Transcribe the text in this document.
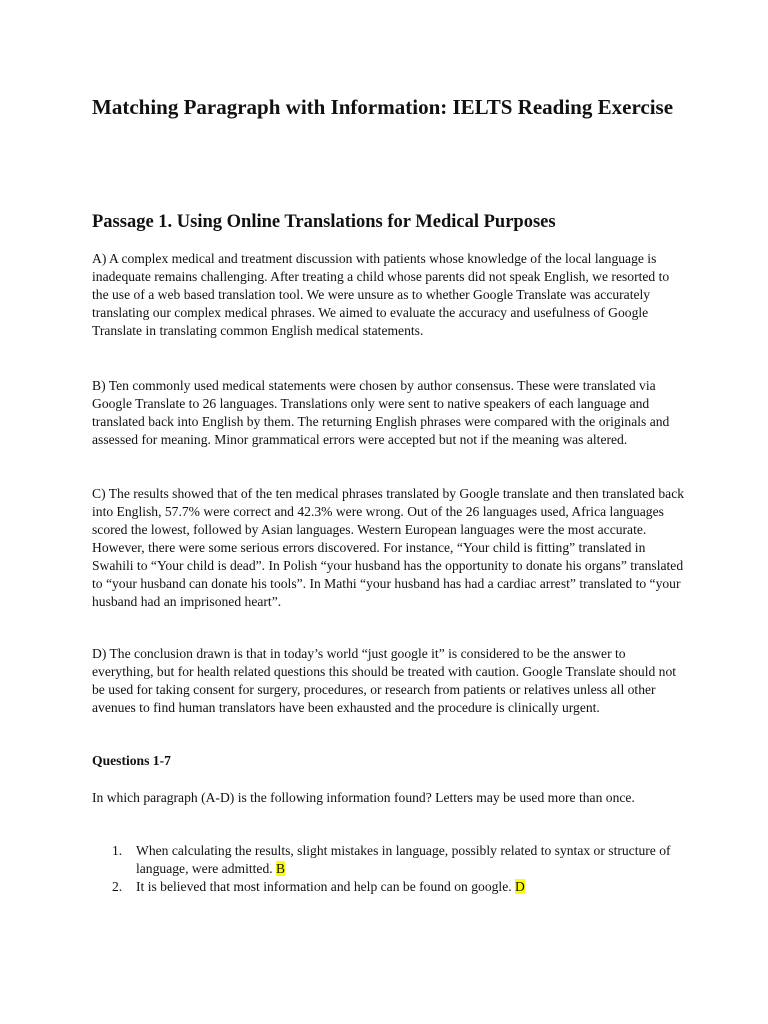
Matching Paragraph with Information: IELTS Reading Exercise
Passage 1. Using Online Translations for Medical Purposes

A) A complex medical and treatment discussion with patients whose knowledge of the local language is inadequate remains challenging. After treating a child whose parents did not speak English, we resorted to the use of a web based translation tool. We were unsure as to whether Google Translate was accurately translating our complex medical phrases. We aimed to evaluate the accuracy and usefulness of Google Translate in translating common English medical statements.

B) Ten commonly used medical statements were chosen by author consensus. These were translated via Google Translate to 26 languages. Translations only were sent to native speakers of each language and translated back into English by them. The returning English phrases were compared with the originals and assessed for meaning. Minor grammatical errors were accepted but not if the meaning was altered.

C) The results showed that of the ten medical phrases translated by Google translate and then translated back into English, 57.7% were correct and 42.3% were wrong. Out of the 26 languages used, Africa languages scored the lowest, followed by Asian languages. Western European languages were the most accurate. However, there were some serious errors discovered. For instance, “Your child is fitting” translated in Swahili to “Your child is dead”. In Polish “your husband has the opportunity to donate his organs” translated to “your husband can donate his tools”. In Mathi “your husband has had a cardiac arrest” translated to “your husband had an imprisoned heart”.

D) The conclusion drawn is that in today’s world “just google it” is considered to be the answer to everything, but for health related questions this should be treated with caution. Google Translate should not be used for taking consent for surgery, procedures, or research from patients or relatives unless all other avenues to find human translators have been exhausted and the procedure is clinically urgent.

Questions 1-7

In which paragraph (A-D) is the following information found? Letters may be used more than once.

1. When calculating the results, slight mistakes in language, possibly related to syntax or structure of language, were admitted. B
2. It is believed that most information and help can be found on google. D
